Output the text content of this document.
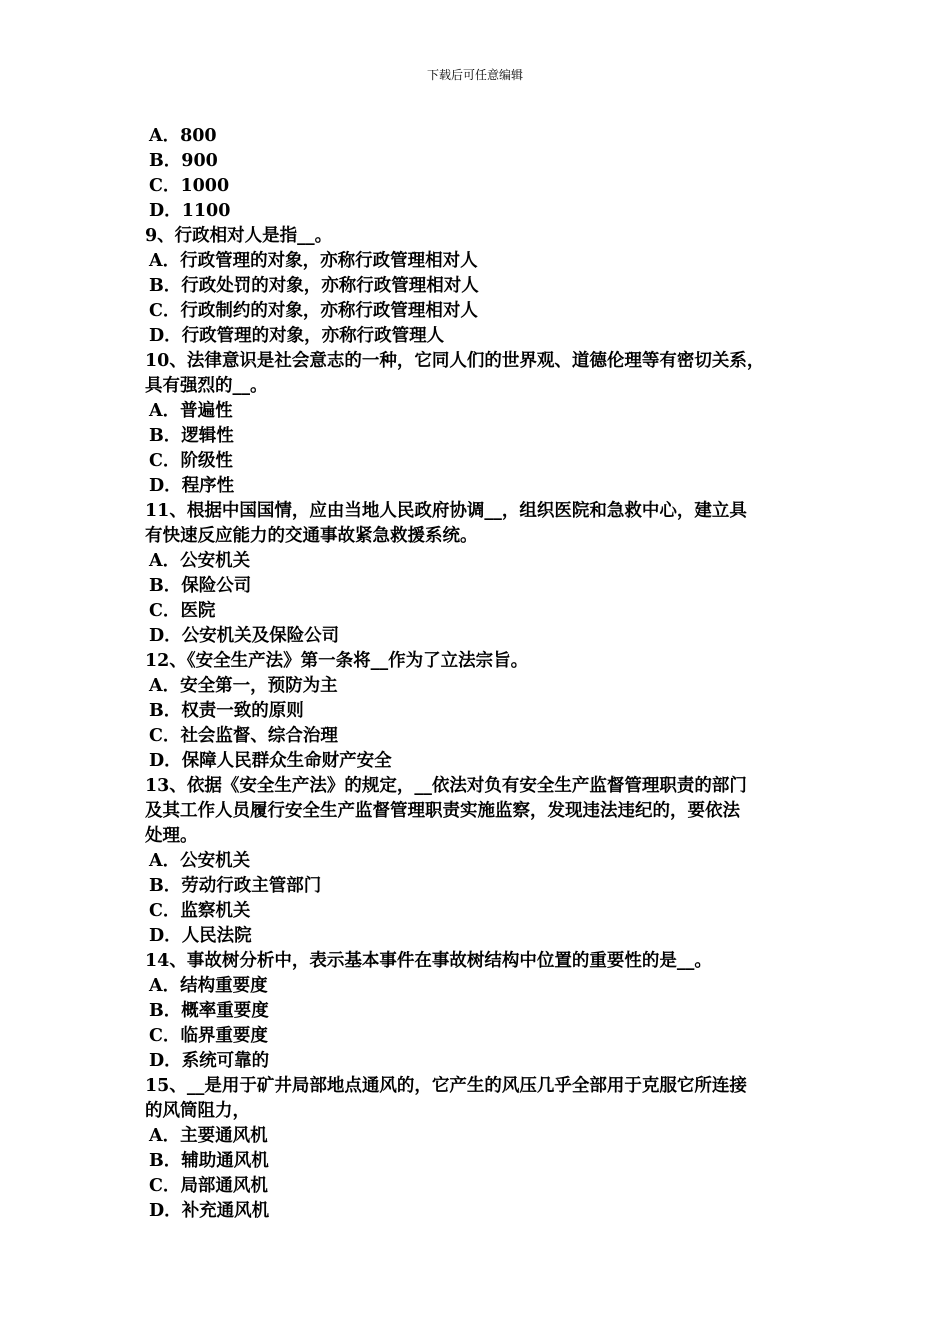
下载后可任意编辑

A．800

B．900

C．1000

D．1100

9、行政相对人是指__。

A．行政管理的对象，亦称行政管理相对人

B．行政处罚的对象，亦称行政管理相对人

C．行政制约的对象，亦称行政管理相对人

D．行政管理的对象，亦称行政管理人

10、法律意识是社会意志的一种，它同人们的世界观、道德伦理等有密切关系，

具有强烈的__。

A．普遍性

B．逻辑性

C．阶级性

D．程序性

11、根据中国国情，应由当地人民政府协调__，组织医院和急救中心，建立具

有快速反应能力的交通事故紧急救援系统。

A．公安机关

B．保险公司

C．医院

D．公安机关及保险公司

12、《安全生产法》第一条将__作为了立法宗旨。

A．安全第一，预防为主

B．权责一致的原则

C．社会监督、综合治理

D．保障人民群众生命财产安全

13、依据《安全生产法》的规定，__依法对负有安全生产监督管理职责的部门

及其工作人员履行安全生产监督管理职责实施监察，发现违法违纪的，要依法

处理。

A．公安机关

B．劳动行政主管部门

C．监察机关

D．人民法院

14、事故树分析中，表示基本事件在事故树结构中位置的重要性的是__。

A．结构重要度

B．概率重要度

C．临界重要度

D．系统可靠的

15、__是用于矿井局部地点通风的，它产生的风压几乎全部用于克服它所连接

的风筒阻力，

A．主要通风机

B．辅助通风机

C．局部通风机

D．补充通风机
